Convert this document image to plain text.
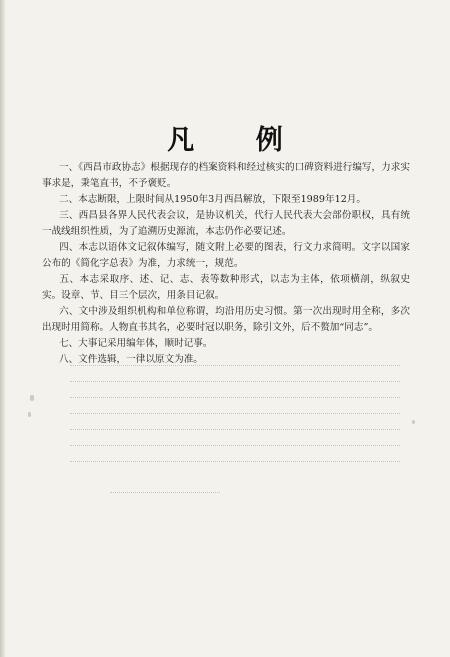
凡 例

一、《西昌市政协志》根据现存的档案资料和经过核实的口碑资料进行编写，力求实事求是，秉笔直书，不予褒贬。

二、本志断限，上限时间从1950年3月西昌解放，下限至1989年12月。

三、西昌县各界人民代表会议，是协议机关，代行人民代表大会部份职权，具有统一战线组织性质，为了追溯历史源流，本志仍作必要记述。

四、本志以语体文记叙体编写，随文附上必要的图表，行文力求简明。文字以国家公布的《简化字总表》为准，力求统一，规范。

五、本志采取序、述、记、志、表等数种形式，以志为主体，依项横剖，纵叙史实。设章、节、目三个层次，用条目记叙。

六、文中涉及组织机构和单位称谓，均沿用历史习惯。第一次出现时用全称，多次出现时用简称。人物直书其名，必要时冠以职务，除引文外，后不赘加“同志”。

七、大事记采用编年体，顺时记事。

八、文件选辑，一律以原文为准。
